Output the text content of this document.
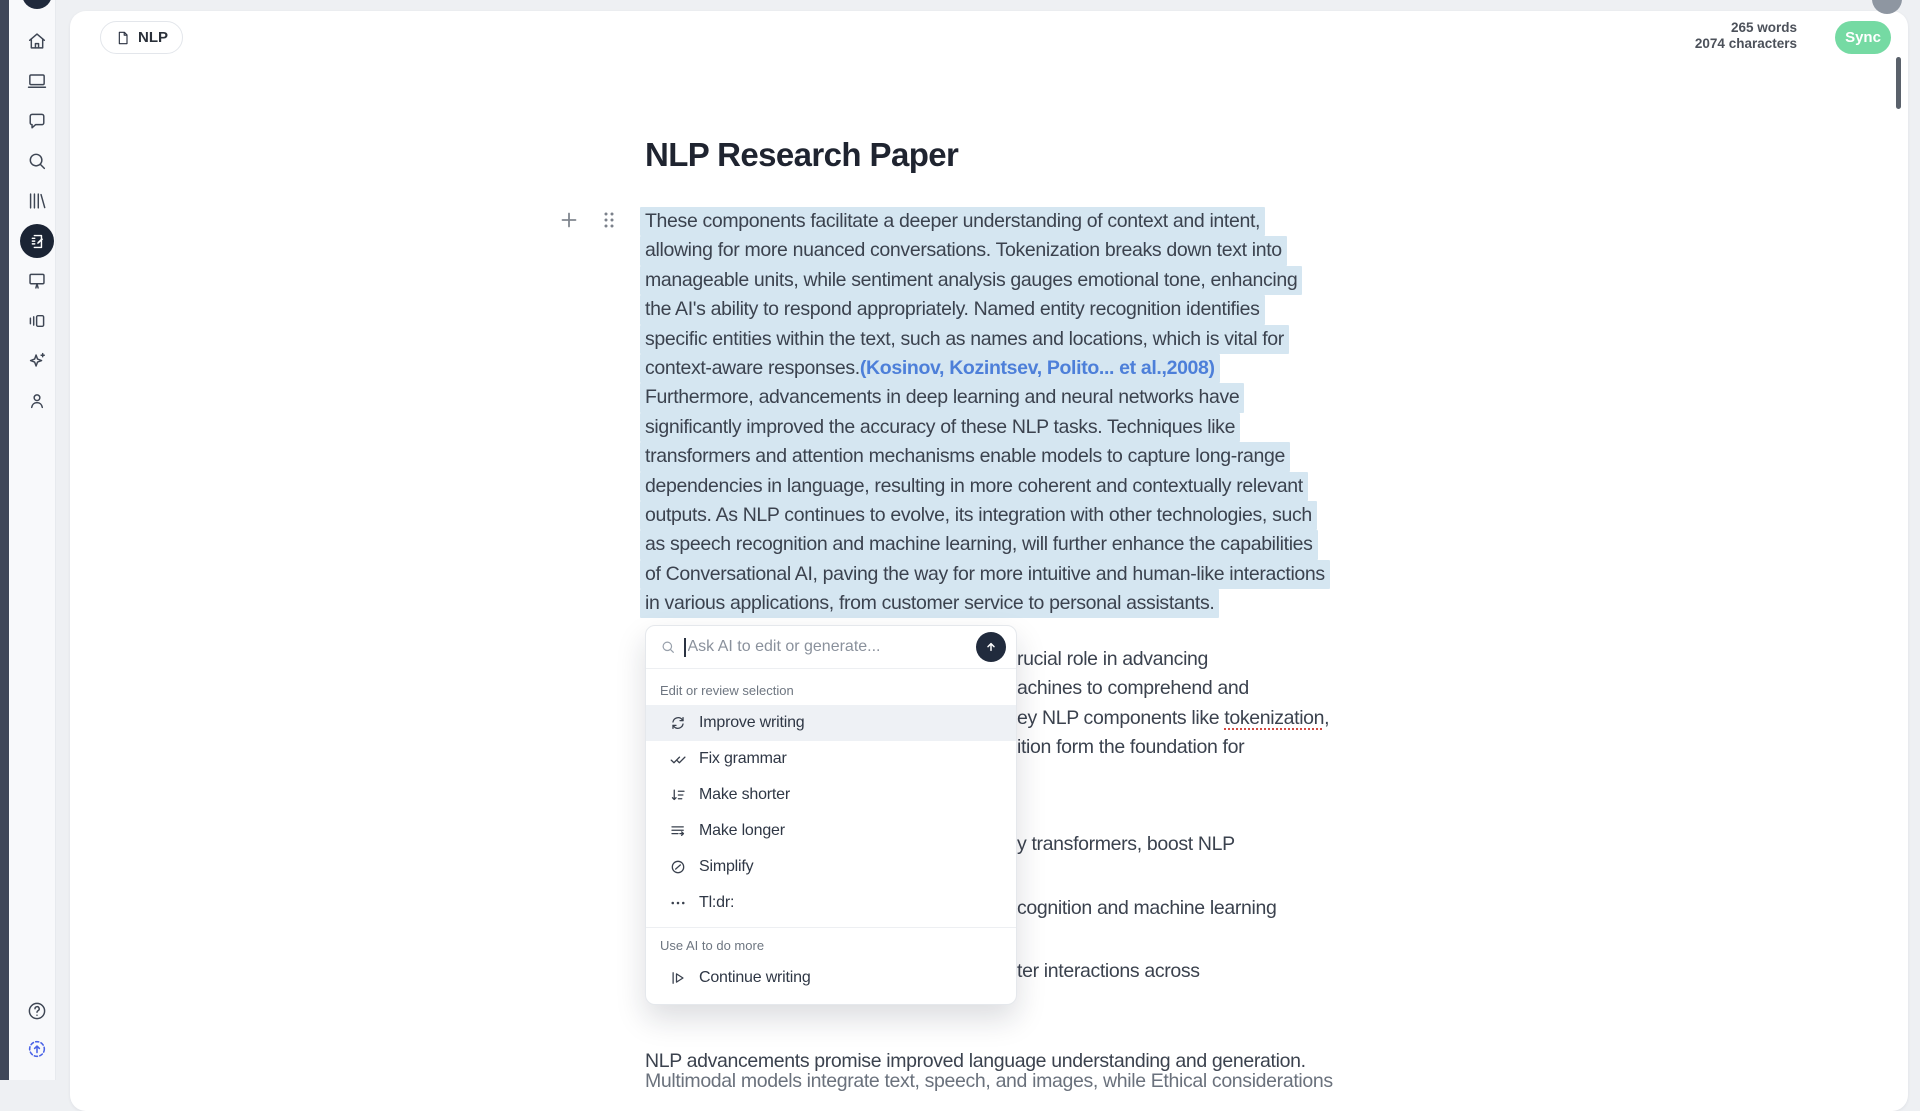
NLP
265 words
2074 characters	Sync
NLP Research Paper
These components facilitate a deeper understanding of context and intent,
allowing for more nuanced conversations. Tokenization breaks down text into
manageable units, while sentiment analysis gauges emotional tone, enhancing
the AI's ability to respond appropriately. Named entity recognition identifies
specific entities within the text, such as names and locations, which is vital for
context-aware responses.(Kosinov, Kozintsev, Polito... et al.,2008)
Furthermore, advancements in deep learning and neural networks have
significantly improved the accuracy of these NLP tasks. Techniques like
transformers and attention mechanisms enable models to capture long-range
dependencies in language, resulting in more coherent and contextually relevant
outputs. As NLP continues to evolve, its integration with other technologies, such
as speech recognition and machine learning, will further enhance the capabilities
of Conversational AI, paving the way for more intuitive and human-like interactions
in various applications, from customer service to personal assistants.
rucial role in advancing
achines to comprehend and
ey NLP components like tokenization,
ition form the foundation for
y transformers, boost NLP
cognition and machine learning
ter interactions across
NLP advancements promise improved language understanding and generation.
Multimodal models integrate text, speech, and images, while Ethical considerations
Ask AI to edit or generate...
Edit or review selection
Improve writing
Fix grammar
Make shorter
Make longer
Simplify
Tl:dr:
Use AI to do more
Continue writing
